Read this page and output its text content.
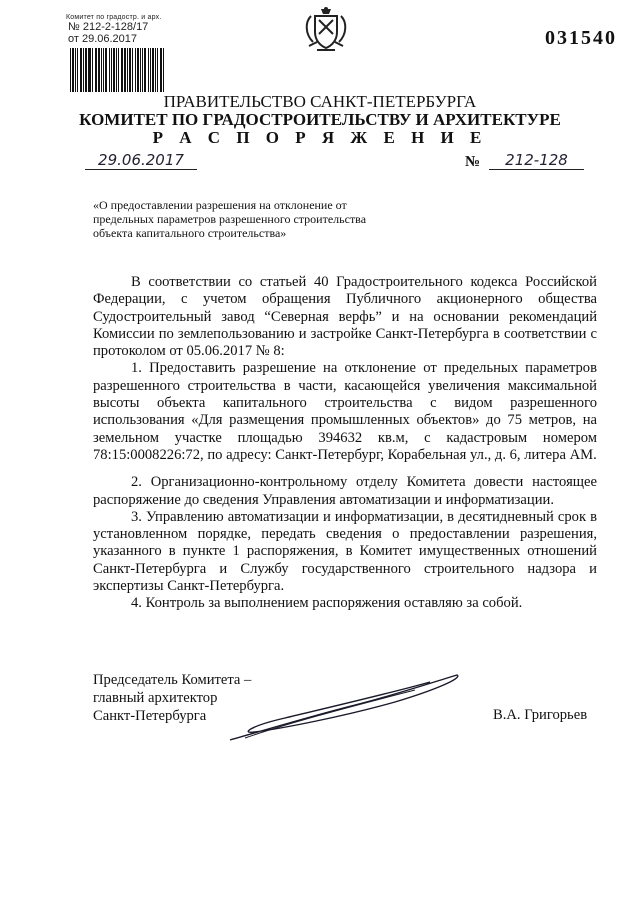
Комитет по градостр. и арх.
№ 212-2-128/17
от 29.06.2017	031540
ПРАВИТЕЛЬСТВО САНКТ-ПЕТЕРБУРГА
КОМИТЕТ ПО ГРАДОСТРОИТЕЛЬСТВУ И АРХИТЕКТУРЕ
Р А С П О Р Я Ж Е Н И Е
29.06.2017	№	212-128
«О предоставлении разрешения на отклонение от предельных параметров разрешенного строительства объекта капитального строительства»

В соответствии со статьей 40 Градостроительного кодекса Российской Федерации, с учетом обращения Публичного акционерного общества Судостроительный завод “Северная верфь” и на основании рекомендаций Комиссии по землепользованию и застройке Санкт-Петербурга в соответствии с протоколом от 05.06.2017 № 8:

1. Предоставить разрешение на отклонение от предельных параметров разрешенного строительства в части, касающейся увеличения максимальной высоты объекта капитального строительства с видом разрешенного использования «Для размещения промышленных объектов» до 75 метров, на земельном участке площадью 394632 кв.м, с кадастровым номером 78:15:0008226:72, по адресу: Санкт-Петербург, Корабельная ул., д. 6, литера АМ.

2. Организационно-контрольному отделу Комитета довести настоящее распоряжение до сведения Управления автоматизации и информатизации.

3. Управлению автоматизации и информатизации, в десятидневный срок в установленном порядке, передать сведения о предоставлении разрешения, указанного в пункте 1 распоряжения, в Комитет имущественных отношений Санкт-Петербурга и Службу государственного строительного надзора и экспертизы Санкт-Петербурга.

4. Контроль за выполнением распоряжения оставляю за собой.

Председатель Комитета –
главный архитектор
Санкт-Петербурга	В.А. Григорьев
